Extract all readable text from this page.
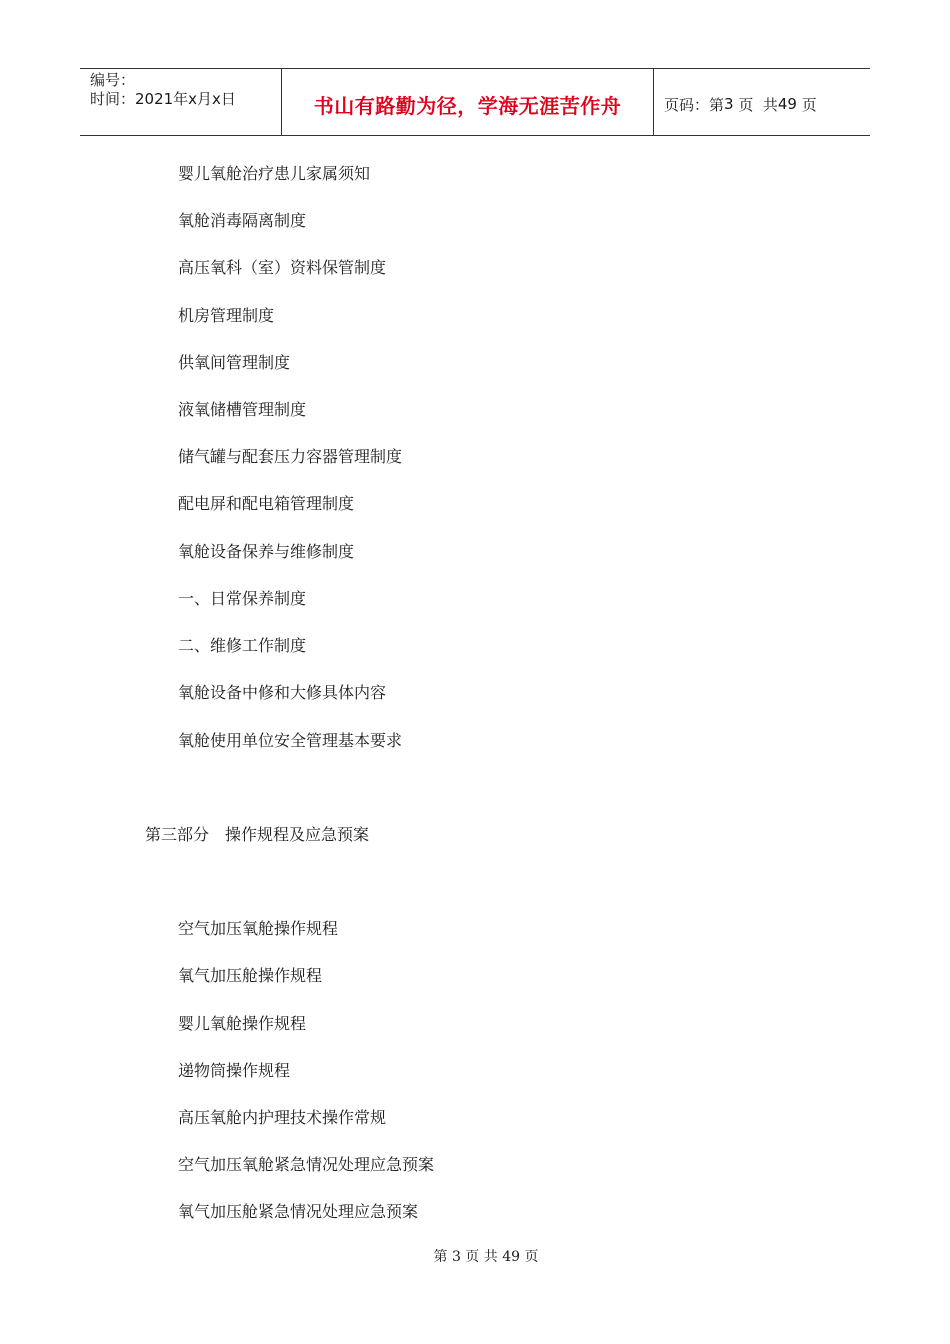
编号：
时间：2021年x月x日	书山有路勤为径，学海无涯苦作舟	页码：第 3
页  共 49
页
婴儿氧舱治疗患儿家属须知
氧舱消毒隔离制度
高压氧科（室）资料保管制度
机房管理制度
供氧间管理制度
液氧储槽管理制度
储气罐与配套压力容器管理制度
配电屏和配电箱管理制度
氧舱设备保养与维修制度
一、日常保养制度
二、维修工作制度
氧舱设备中修和大修具体内容
氧舱使用单位安全管理基本要求
第三部分　操作规程及应急预案
空气加压氧舱操作规程
氧气加压舱操作规程
婴儿氧舱操作规程
递物筒操作规程
高压氧舱内护理技术操作常规
空气加压氧舱紧急情况处理应急预案
氧气加压舱紧急情况处理应急预案
第 3 页 共 49 页
